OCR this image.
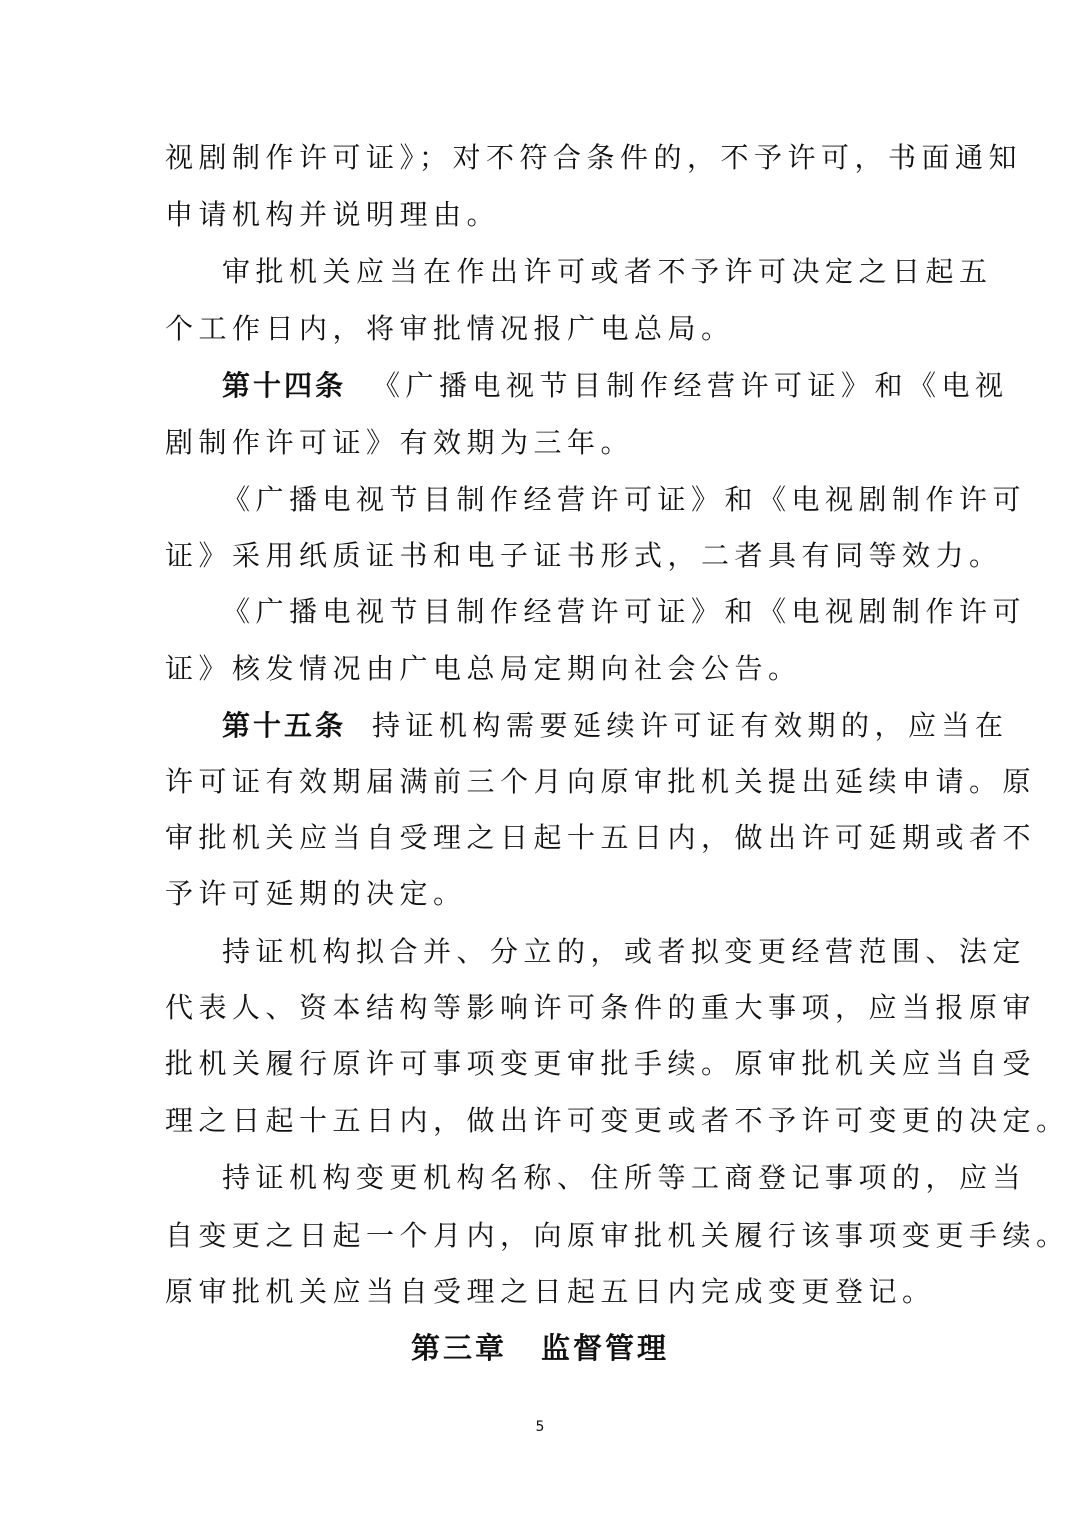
视剧制作许可证》；对不符合条件的，不予许可，书面通知
申请机构并说明理由。
审批机关应当在作出许可或者不予许可决定之日起五
个工作日内，将审批情况报广电总局。
第十四条 《广播电视节目制作经营许可证》和《电视
剧制作许可证》有效期为三年。
《广播电视节目制作经营许可证》和《电视剧制作许可
证》采用纸质证书和电子证书形式，二者具有同等效力。
《广播电视节目制作经营许可证》和《电视剧制作许可
证》核发情况由广电总局定期向社会公告。
第十五条 持证机构需要延续许可证有效期的，应当在
许可证有效期届满前三个月向原审批机关提出延续申请。原
审批机关应当自受理之日起十五日内，做出许可延期或者不
予许可延期的决定。
持证机构拟合并、分立的，或者拟变更经营范围、法定
代表人、资本结构等影响许可条件的重大事项，应当报原审
批机关履行原许可事项变更审批手续。原审批机关应当自受
理之日起十五日内，做出许可变更或者不予许可变更的决定。
持证机构变更机构名称、住所等工商登记事项的，应当
自变更之日起一个月内，向原审批机关履行该事项变更手续。
原审批机关应当自受理之日起五日内完成变更登记。
第三章 监督管理
5
